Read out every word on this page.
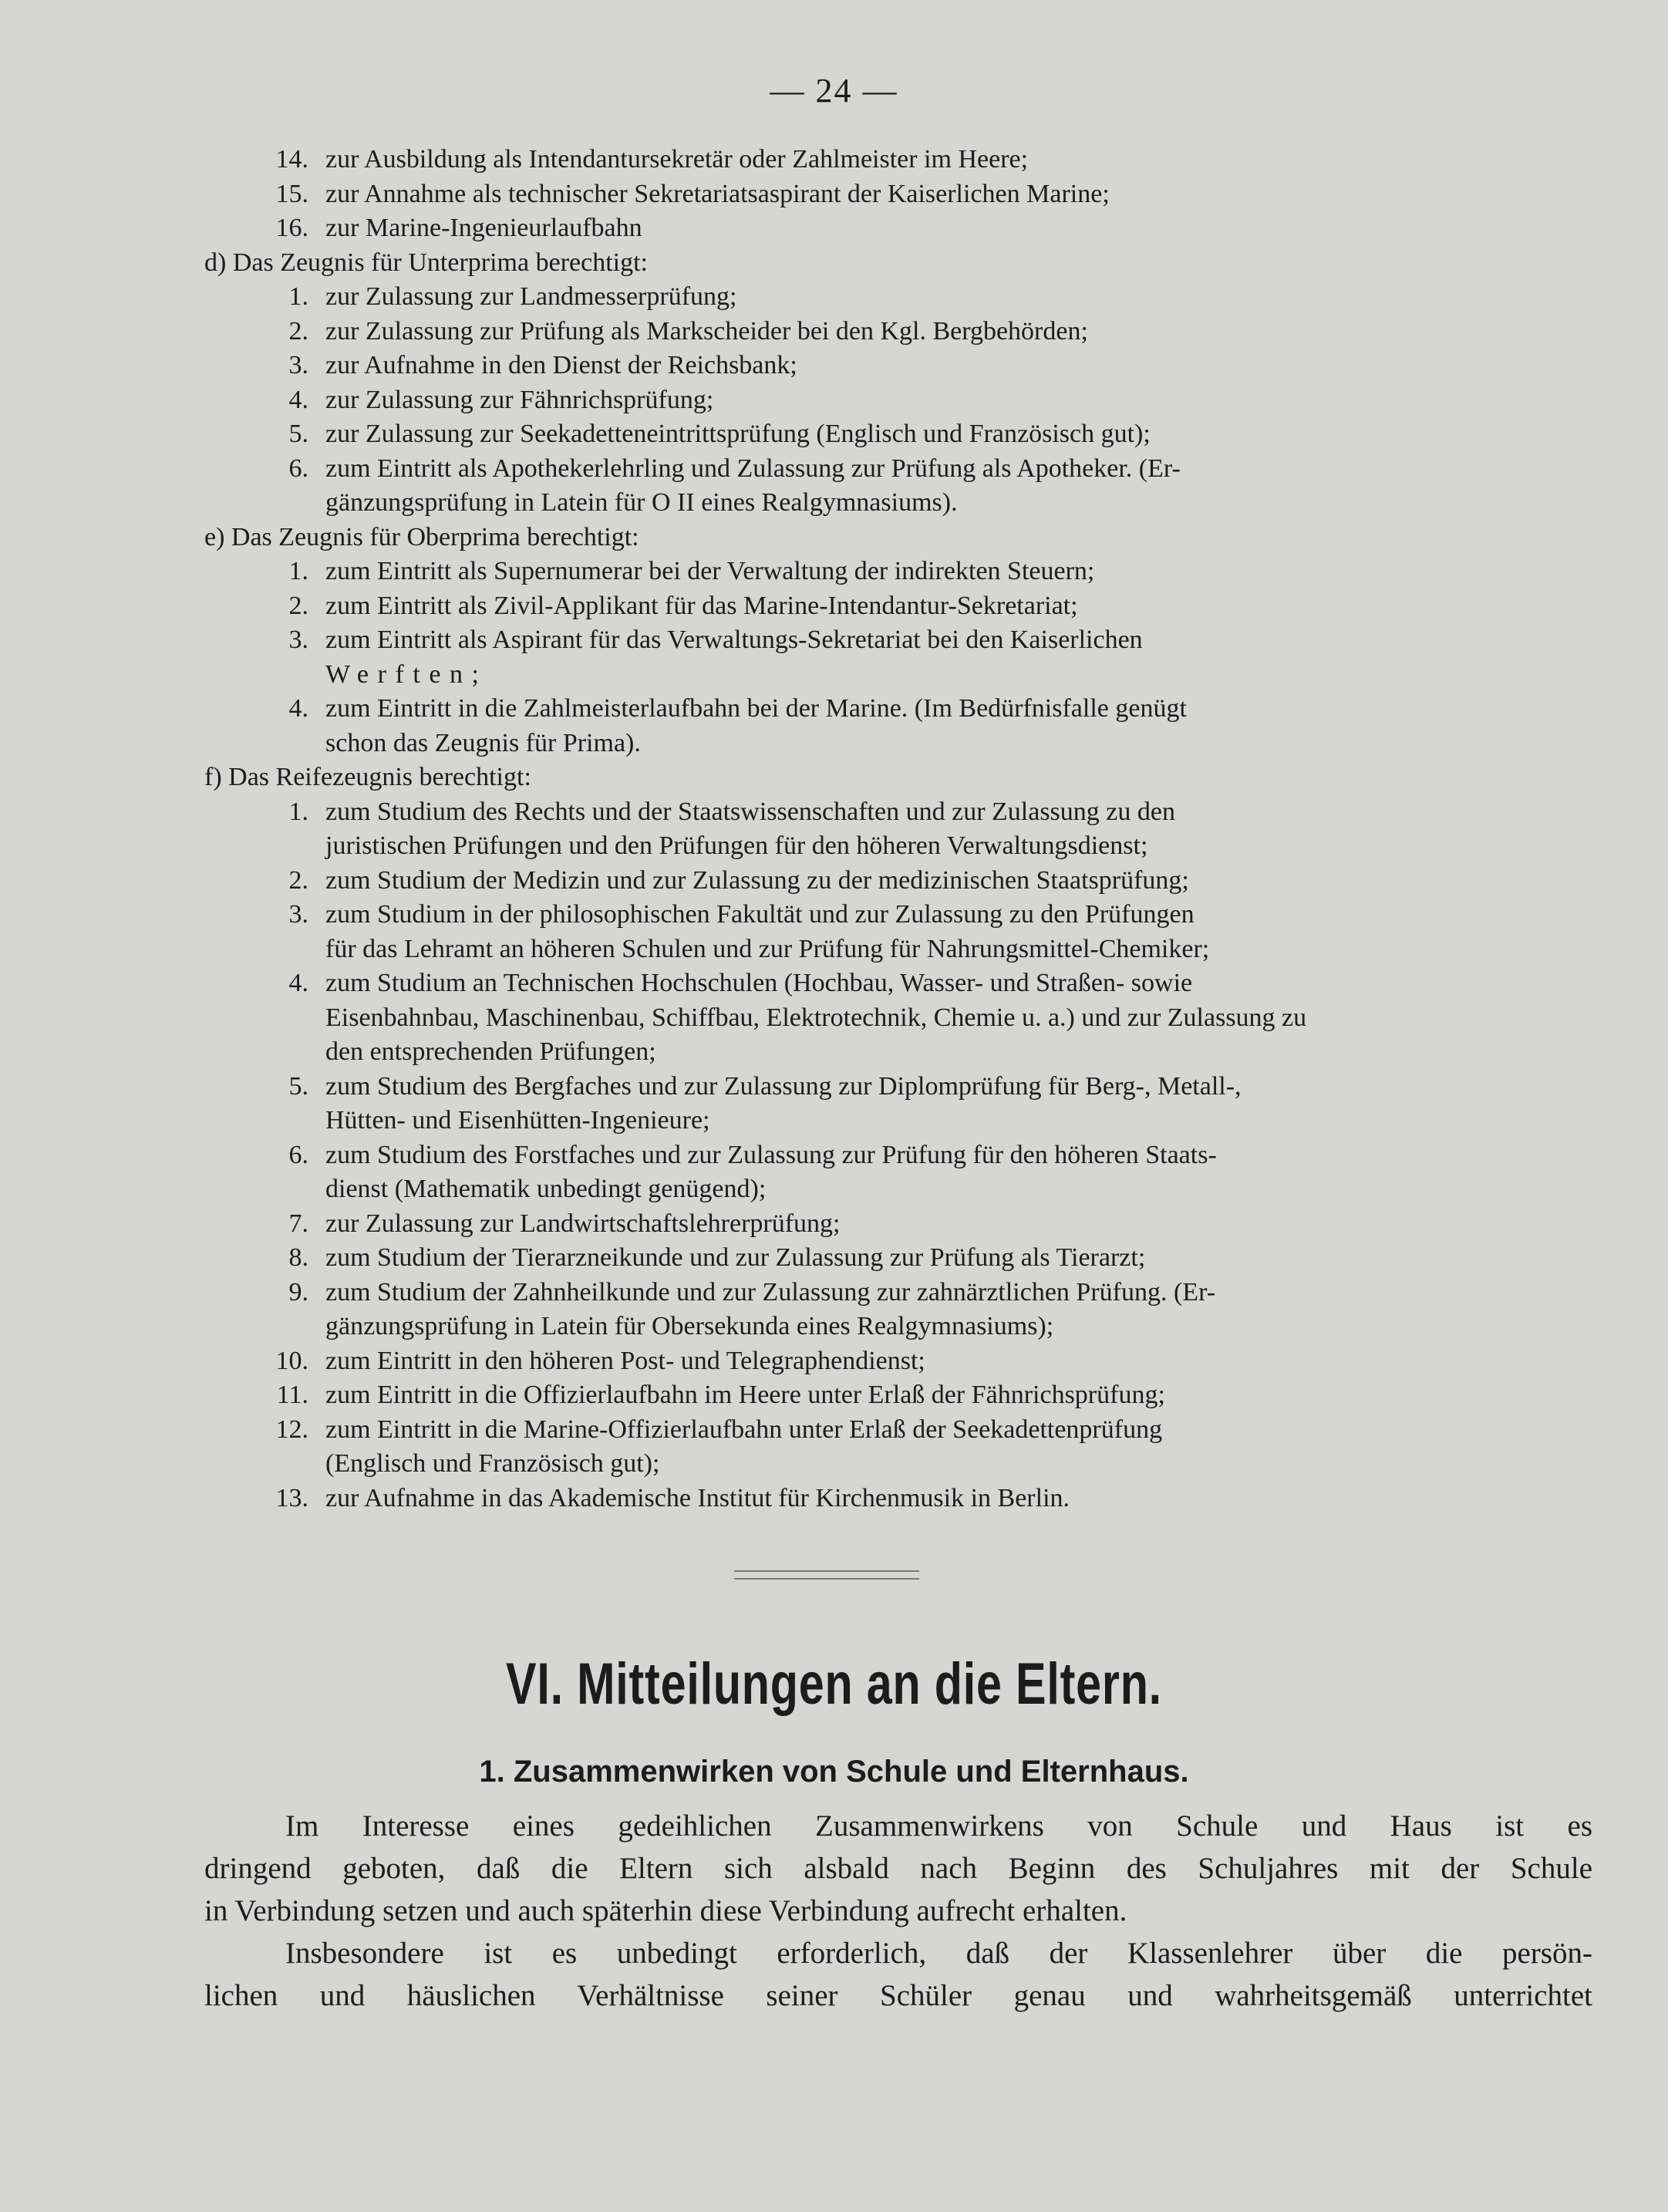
— 24 —
14. zur Ausbildung als Intendantursekretär oder Zahlmeister im Heere;
15. zur Annahme als technischer Sekretariatsaspirant der Kaiserlichen Marine;
16. zur Marine-Ingenieurlaufbahn
d) Das Zeugnis für Unterprima berechtigt:
1. zur Zulassung zur Landmesserprüfung;
2. zur Zulassung zur Prüfung als Markscheider bei den Kgl. Bergbehörden;
3. zur Aufnahme in den Dienst der Reichsbank;
4. zur Zulassung zur Fähnrichsprüfung;
5. zur Zulassung zur Seekadetteneintrittsprüfung (Englisch und Französisch gut);
6. zum Eintritt als Apothekerlehrling und Zulassung zur Prüfung als Apotheker. (Er-
gänzungsprüfung in Latein für O II eines Realgymnasiums).
e) Das Zeugnis für Oberprima berechtigt:
1. zum Eintritt als Supernumerar bei der Verwaltung der indirekten Steuern;
2. zum Eintritt als Zivil-Applikant für das Marine-Intendantur-Sekretariat;
3. zum Eintritt als Aspirant für das Verwaltungs-Sekretariat bei den Kaiserlichen
Werften;
4. zum Eintritt in die Zahlmeisterlaufbahn bei der Marine. (Im Bedürfnisfalle genügt
schon das Zeugnis für Prima).
f) Das Reifezeugnis berechtigt:
1. zum Studium des Rechts und der Staatswissenschaften und zur Zulassung zu den
juristischen Prüfungen und den Prüfungen für den höheren Verwaltungsdienst;
2. zum Studium der Medizin und zur Zulassung zu der medizinischen Staatsprüfung;
3. zum Studium in der philosophischen Fakultät und zur Zulassung zu den Prüfungen
für das Lehramt an höheren Schulen und zur Prüfung für Nahrungsmittel-Chemiker;
4. zum Studium an Technischen Hochschulen (Hochbau, Wasser- und Straßen- sowie
Eisenbahnbau, Maschinenbau, Schiffbau, Elektrotechnik, Chemie u. a.) und zur Zulassung zu
den entsprechenden Prüfungen;
5. zum Studium des Bergfaches und zur Zulassung zur Diplomprüfung für Berg-, Metall-,
Hütten- und Eisenhütten-Ingenieure;
6. zum Studium des Forstfaches und zur Zulassung zur Prüfung für den höheren Staats-
dienst (Mathematik unbedingt genügend);
7. zur Zulassung zur Landwirtschaftslehrerprüfung;
8. zum Studium der Tierarzneikunde und zur Zulassung zur Prüfung als Tierarzt;
9. zum Studium der Zahnheilkunde und zur Zulassung zur zahnärztlichen Prüfung. (Er-
gänzungsprüfung in Latein für Obersekunda eines Realgymnasiums);
10. zum Eintritt in den höheren Post- und Telegraphendienst;
11. zum Eintritt in die Offizierlaufbahn im Heere unter Erlaß der Fähnrichsprüfung;
12. zum Eintritt in die Marine-Offizierlaufbahn unter Erlaß der Seekadettenprüfung
(Englisch und Französisch gut);
13. zur Aufnahme in das Akademische Institut für Kirchenmusik in Berlin.
VI. Mitteilungen an die Eltern.
1. Zusammenwirken von Schule und Elternhaus.
Im Interesse eines gedeihlichen Zusammenwirkens von Schule und Haus ist es
dringend geboten, daß die Eltern sich alsbald nach Beginn des Schuljahres mit der Schule
in Verbindung setzen und auch späterhin diese Verbindung aufrecht erhalten.
Insbesondere ist es unbedingt erforderlich, daß der Klassenlehrer über die persön-
lichen und häuslichen Verhältnisse seiner Schüler genau und wahrheitsgemäß unterrichtet
